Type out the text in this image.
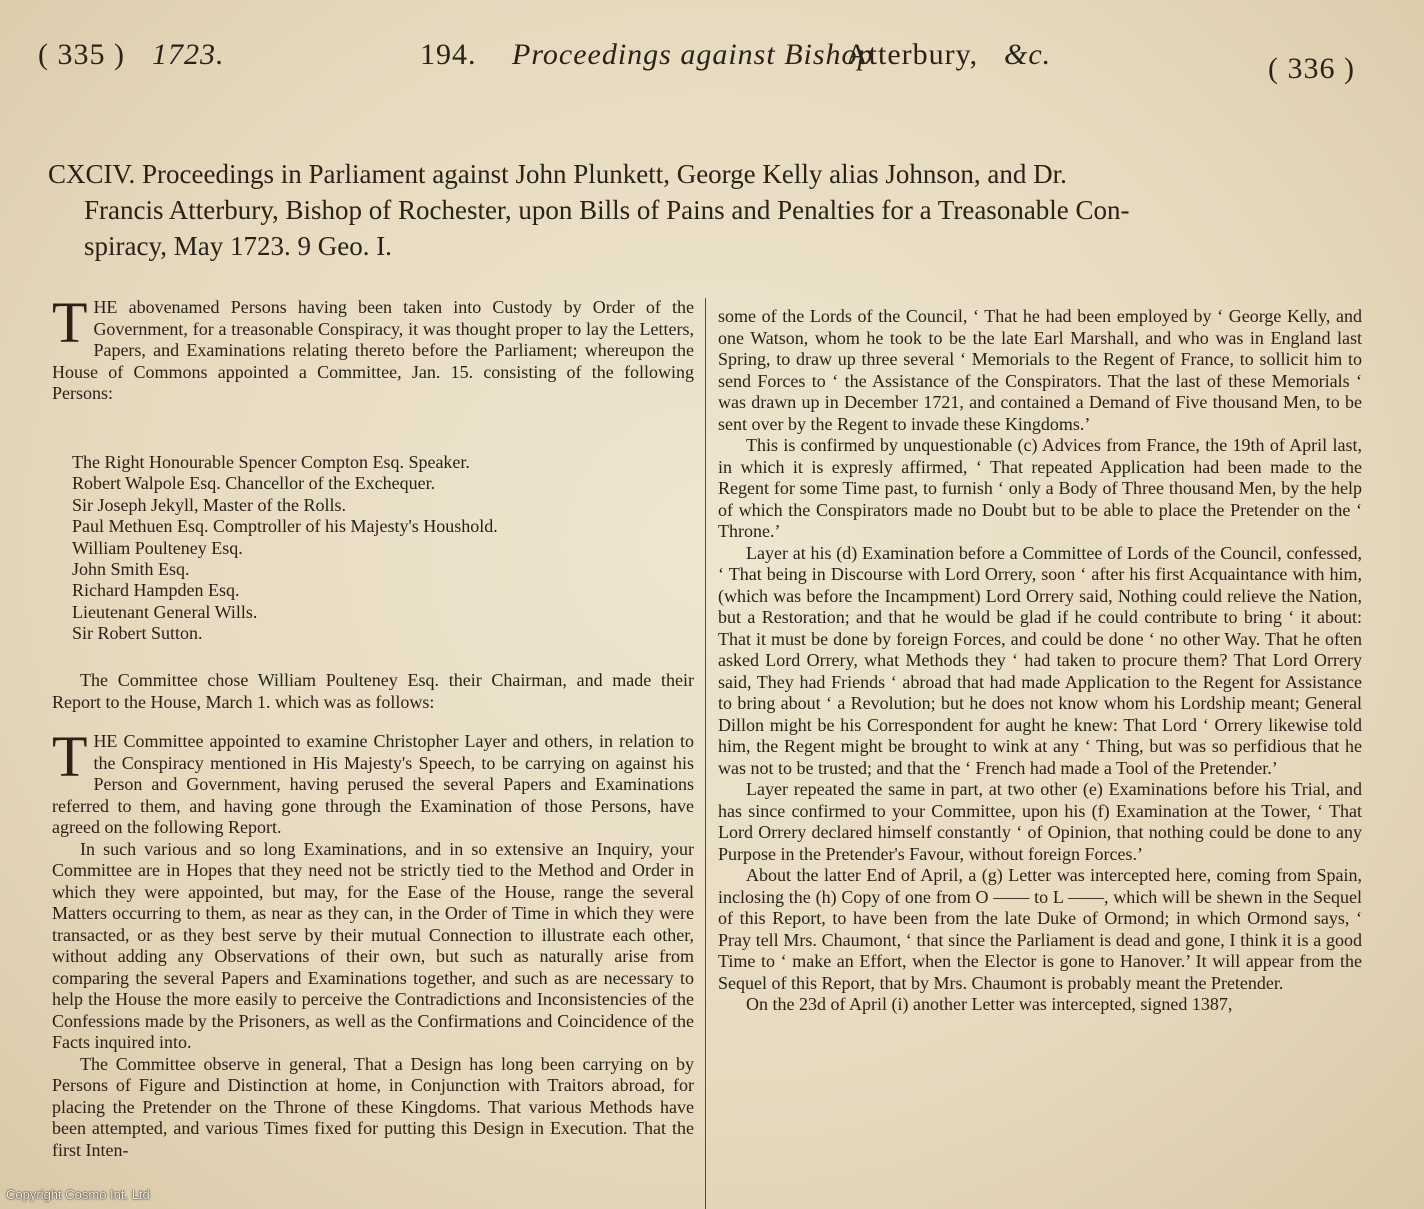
( 335 ) 1723.	194. Proceedings against Bishop
Atterbury, &c.	( 336 )
CXCIV. Proceedings in Parliament against John Plunkett, George Kelly alias Johnson, and Dr.
Francis Atterbury, Bishop of Rochester, upon Bills of Pains and Penalties for a Treasonable Con-
spiracy, May 1723. 9 Geo. I.
T HE abovenamed Persons having been taken into Custody by Order of the Government, for a treasonable Conspiracy, it was thought proper to lay the Letters, Papers, and Examinations relating thereto before the Parliament; whereupon the House of Commons appointed a Committee, Jan. 15. consisting of the following Persons:
The Right Honourable Spencer Compton Esq. Speaker.
Robert Walpole Esq. Chancellor of the Exchequer.
Sir Joseph Jekyll, Master of the Rolls.
Paul Methuen Esq. Comptroller of his Majesty's Houshold.
William Poulteney Esq.
John Smith Esq.
Richard Hampden Esq.
Lieutenant General Wills.
Sir Robert Sutton.

The Committee chose William Poulteney Esq. their Chairman, and made their Report to the House, March 1. which was as follows:

T HE Committee appointed to examine Christopher Layer and others, in relation to the Conspiracy mentioned in His Majesty's Speech, to be carrying on against his Person and Government, having perused the several Papers and Examinations referred to them, and having gone through the Examination of those Persons, have agreed on the following Report.

In such various and so long Examinations, and in so extensive an Inquiry, your Committee are in Hopes that they need not be strictly tied to the Method and Order in which they were appointed, but may, for the Ease of the House, range the several Matters occurring to them, as near as they can, in the Order of Time in which they were transacted, or as they best serve by their mutual Connection to illustrate each other, without adding any Observations of their own, but such as naturally arise from comparing the several Papers and Examinations together, and such as are necessary to help the House the more easily to perceive the Contradictions and Inconsistencies of the Confessions made by the Prisoners, as well as the Confirmations and Coincidence of the Facts inquired into.

The Committee observe in general, That a Design has long been carrying on by Persons of Figure and Distinction at home, in Conjunction with Traitors abroad, for placing the Pretender on the Throne of these Kingdoms. That various Methods have been attempted, and various Times fixed for putting this Design in Execution. That the first Inten-

some of the Lords of the Council, ‘ That he had been employed by ‘ George Kelly, and one Watson, whom he took to be the late Earl Marshall, and who was in England last Spring, to draw up three several ‘ Memorials to the Regent of France, to sollicit him to send Forces to ‘ the Assistance of the Conspirators. That the last of these Memorials ‘ was drawn up in December 1721, and contained a Demand of Five thousand Men, to be sent over by the Regent to invade these Kingdoms.’

This is confirmed by unquestionable (c) Advices from France, the 19th of April last, in which it is expresly affirmed, ‘ That repeated Application had been made to the Regent for some Time past, to furnish ‘ only a Body of Three thousand Men, by the help of which the Conspirators made no Doubt but to be able to place the Pretender on the ‘ Throne.’

Layer at his (d) Examination before a Committee of Lords of the Council, confessed, ‘ That being in Discourse with Lord Orrery, soon ‘ after his first Acquaintance with him, (which was before the Incampment) Lord Orrery said, Nothing could relieve the Nation, but a Restoration; and that he would be glad if he could contribute to bring ‘ it about: That it must be done by foreign Forces, and could be done ‘ no other Way. That he often asked Lord Orrery, what Methods they ‘ had taken to procure them? That Lord Orrery said, They had Friends ‘ abroad that had made Application to the Regent for Assistance to bring about ‘ a Revolution; but he does not know whom his Lordship meant; General Dillon might be his Correspondent for aught he knew: That Lord ‘ Orrery likewise told him, the Regent might be brought to wink at any ‘ Thing, but was so perfidious that he was not to be trusted; and that the ‘ French had made a Tool of the Pretender.’

Layer repeated the same in part, at two other (e) Examinations before his Trial, and has since confirmed to your Committee, upon his (f) Examination at the Tower, ‘ That Lord Orrery declared himself constantly ‘ of Opinion, that nothing could be done to any Purpose in the Pretender's Favour, without foreign Forces.’

About the latter End of April, a (g) Letter was intercepted here, coming from Spain, inclosing the (h) Copy of one from O —— to L ——, which will be shewn in the Sequel of this Report, to have been from the late Duke of Ormond; in which Ormond says, ‘ Pray tell Mrs. Chaumont, ‘ that since the Parliament is dead and gone, I think it is a good Time to ‘ make an Effort, when the Elector is gone to Hanover.’ It will appear from the Sequel of this Report, that by Mrs. Chaumont is probably meant the Pretender.

On the 23d of April (i) another Letter was intercepted, signed 1387,

Copyright Cosmo Int. Ltd
